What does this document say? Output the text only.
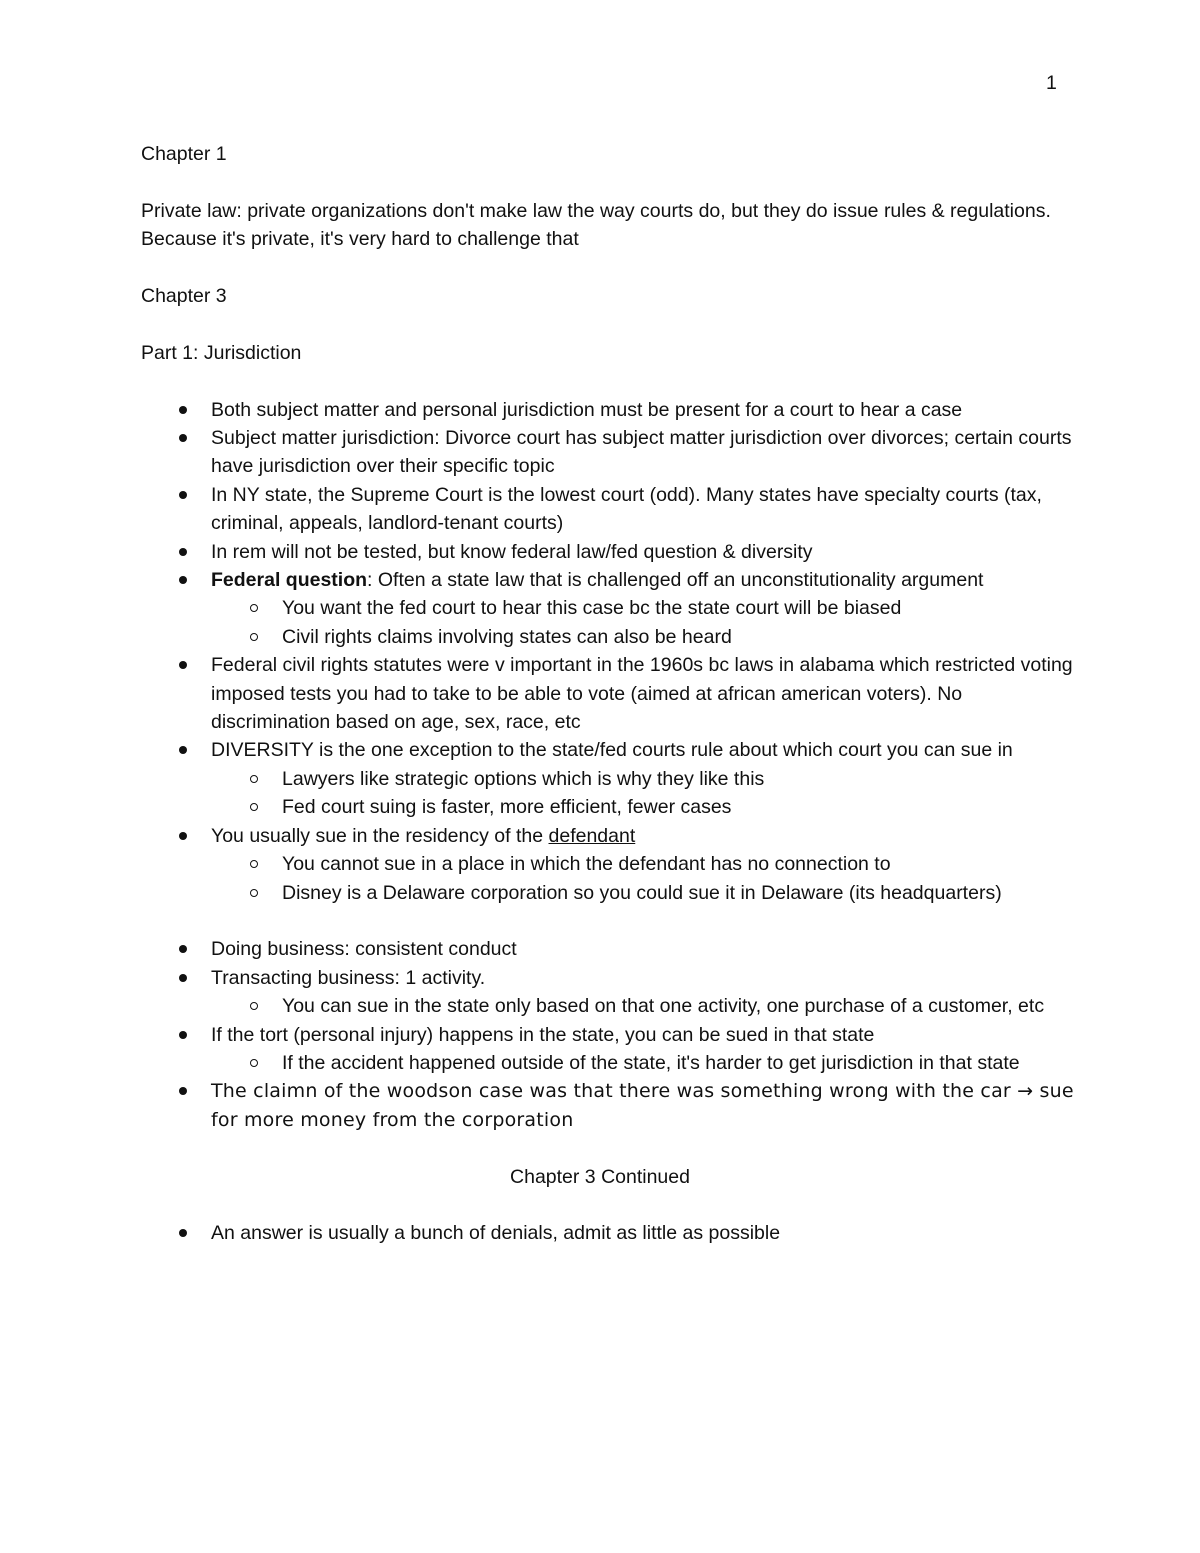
1

Chapter 1

Private law: private organizations don't make law the way courts do, but they do issue rules & regulations. Because it's private, it's very hard to challenge that

Chapter 3

Part 1: Jurisdiction

Both subject matter and personal jurisdiction must be present for a court to hear a case
Subject matter jurisdiction: Divorce court has subject matter jurisdiction over divorces; certain courts have jurisdiction over their specific topic
In NY state, the Supreme Court is the lowest court (odd). Many states have specialty courts (tax, criminal, appeals, landlord-tenant courts)
In rem will not be tested, but know federal law/fed question & diversity
Federal question: Often a state law that is challenged off an unconstitutionality argument
You want the fed court to hear this case bc the state court will be biased
Civil rights claims involving states can also be heard
Federal civil rights statutes were v important in the 1960s bc laws in alabama which restricted voting imposed tests you had to take to be able to vote (aimed at african american voters). No discrimination based on age, sex, race, etc
DIVERSITY is the one exception to the state/fed courts rule about which court you can sue in
Lawyers like strategic options which is why they like this
Fed court suing is faster, more efficient, fewer cases
You usually sue in the residency of the defendant
You cannot sue in a place in which the defendant has no connection to
Disney is a Delaware corporation so you could sue it in Delaware (its headquarters)
Doing business: consistent conduct
Transacting business: 1 activity.
You can sue in the state only based on that one activity, one purchase of a customer, etc
If the tort (personal injury) happens in the state, you can be sued in that state
If the accident happened outside of the state, it's harder to get jurisdiction in that state
The claimn of the woodson case was that there was something wrong with the car → sue for more money from the corporation

Chapter 3 Continued

An answer is usually a bunch of denials, admit as little as possible
